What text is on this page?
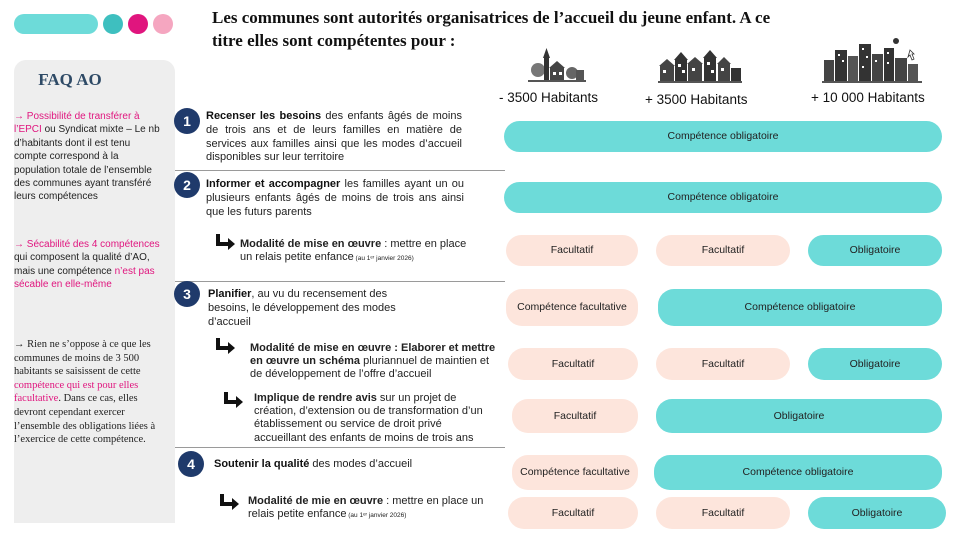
Les communes sont autorités organisatrices de l’accueil du jeune enfant. A ce
titre elles sont compétentes pour :
FAQ AO
→ Possibilité de transférer à l’EPCI ou Syndicat mixte – Le nb d’habitants dont il est tenu compte correspond à la population totale de l’ensemble des communes ayant transféré leurs compétences
→ Sécabilité des 4 compétences qui composent la qualité d’AO, mais une compétence n’est pas sécable en elle-même
→ Rien ne s’oppose à ce que les communes de moins de 3 500 habitants se saisissent de cette compétence qui est pour elles facultative. Dans ce cas, elles devront cependant exercer l’ensemble des obligations liées à l’exercice de cette compétence.
- 3500 Habitants	+ 3500 Habitants	+ 10 000 Habitants
1	Recenser les besoins des enfants âgés de moins de trois ans et de leurs familles en matière de services aux familles ainsi que les modes d’accueil disponibles sur leur territoire
Compétence obligatoire
2	Informer et accompagner les familles ayant un ou plusieurs enfants âgés de moins de trois ans ainsi que les futurs parents
Compétence obligatoire
Modalité de mise en œuvre : mettre en place un relais petite enfance (au 1ᵉʳ janvier 2026)
Facultatif	Facultatif	Obligatoire
3	Planifier, au vu du recensement des besoins, le développement des modes d’accueil
Compétence facultative	Compétence obligatoire
Modalité de mise en œuvre : Elaborer et mettre en œuvre un schéma pluriannuel de maintien et de développement de l’offre d’accueil
Facultatif	Facultatif	Obligatoire
Implique de rendre avis sur un projet de création, d’extension ou de transformation d’un établissement ou service de droit privé accueillant des enfants de moins de trois ans
Facultatif	Obligatoire
4	Soutenir la qualité des modes d’accueil
Compétence facultative	Compétence obligatoire
Modalité de mie en œuvre : mettre en place un relais petite enfance (au 1ᵉʳ janvier 2026)	Facultatif	Facultatif	Obligatoire
